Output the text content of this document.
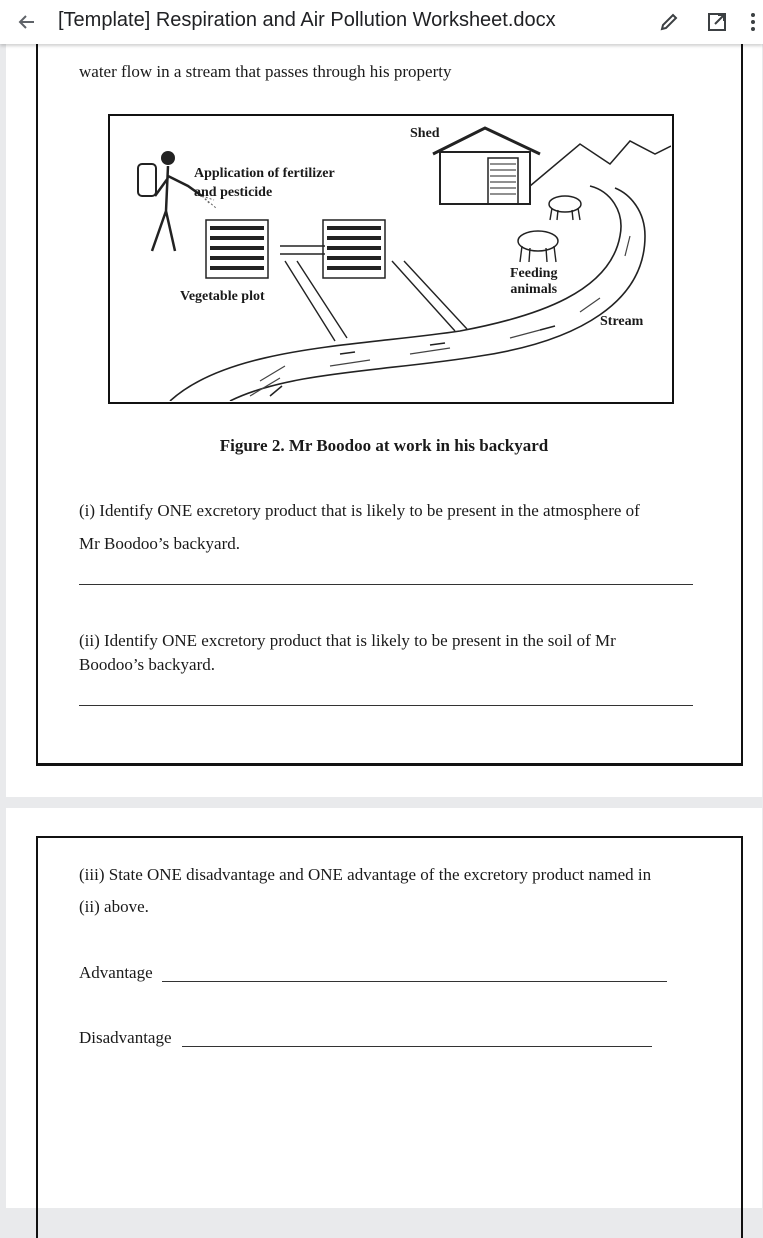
[Template] Respiration and Air Pollution Worksheet.docx
water flow in a stream that passes through his property
Shed
Application of fertilizer
and pesticide
Vegetable plot
Feeding
animals
Stream
Figure 2. Mr Boodoo at work in his backyard
(i) Identify ONE excretory product that is likely to be present in the atmosphere of
Mr Boodoo’s backyard.
(ii) Identify ONE excretory product that is likely to be present in the soil of Mr
Boodoo’s backyard.
(iii) State ONE disadvantage and ONE advantage of the excretory product named in
(ii) above.
Advantage
Disadvantage
